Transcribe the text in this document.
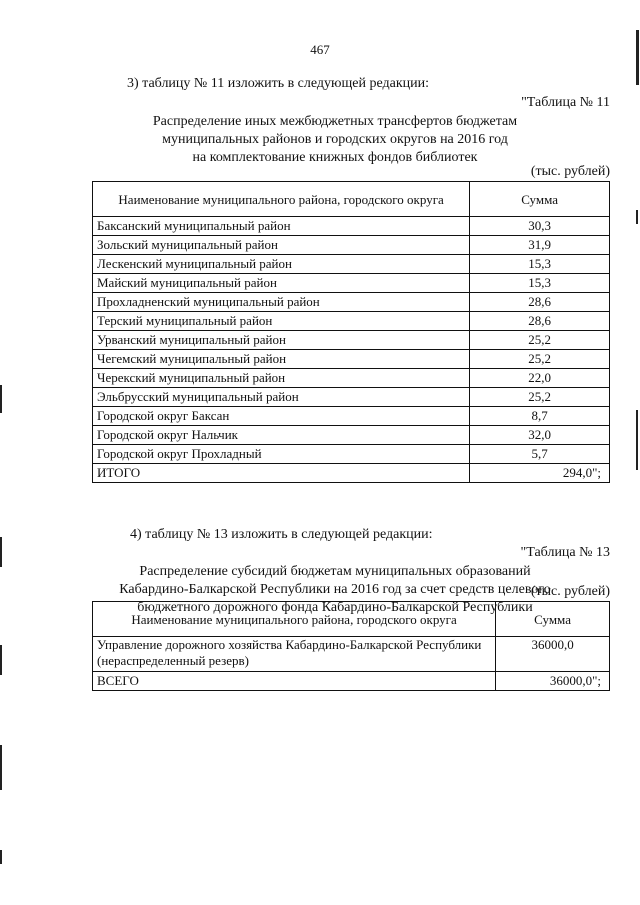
467
3) таблицу № 11 изложить в следующей редакции:
"Таблица № 11
Распределение иных межбюджетных трансфертов бюджетам
муниципальных районов и городских округов на 2016 год
на комплектование книжных фондов библиотек
(тыс. рублей)
Наименование муниципального района, городского округа	Сумма
Баксанский муниципальный район	30,3
Зольский муниципальный район	31,9
Лескенский муниципальный район	15,3
Майский муниципальный район	15,3
Прохладненский муниципальный район	28,6
Терский муниципальный район	28,6
Урванский муниципальный район	25,2
Чегемский муниципальный район	25,2
Черекский муниципальный район	22,0
Эльбрусский муниципальный район	25,2
Городской округ Баксан	8,7
Городской округ Нальчик	32,0
Городской округ Прохладный	5,7
ИТОГО	294,0";
4) таблицу № 13 изложить в следующей редакции:
"Таблица № 13
Распределение субсидий бюджетам муниципальных образований
Кабардино-Балкарской Республики на 2016 год за счет средств целевого
бюджетного дорожного фонда Кабардино-Балкарской Республики
(тыс. рублей)
Наименование муниципального района, городского округа	Сумма
Управление дорожного хозяйства Кабардино-Балкарской Республики (нераспределенный резерв)	36000,0
ВСЕГО	36000,0";
